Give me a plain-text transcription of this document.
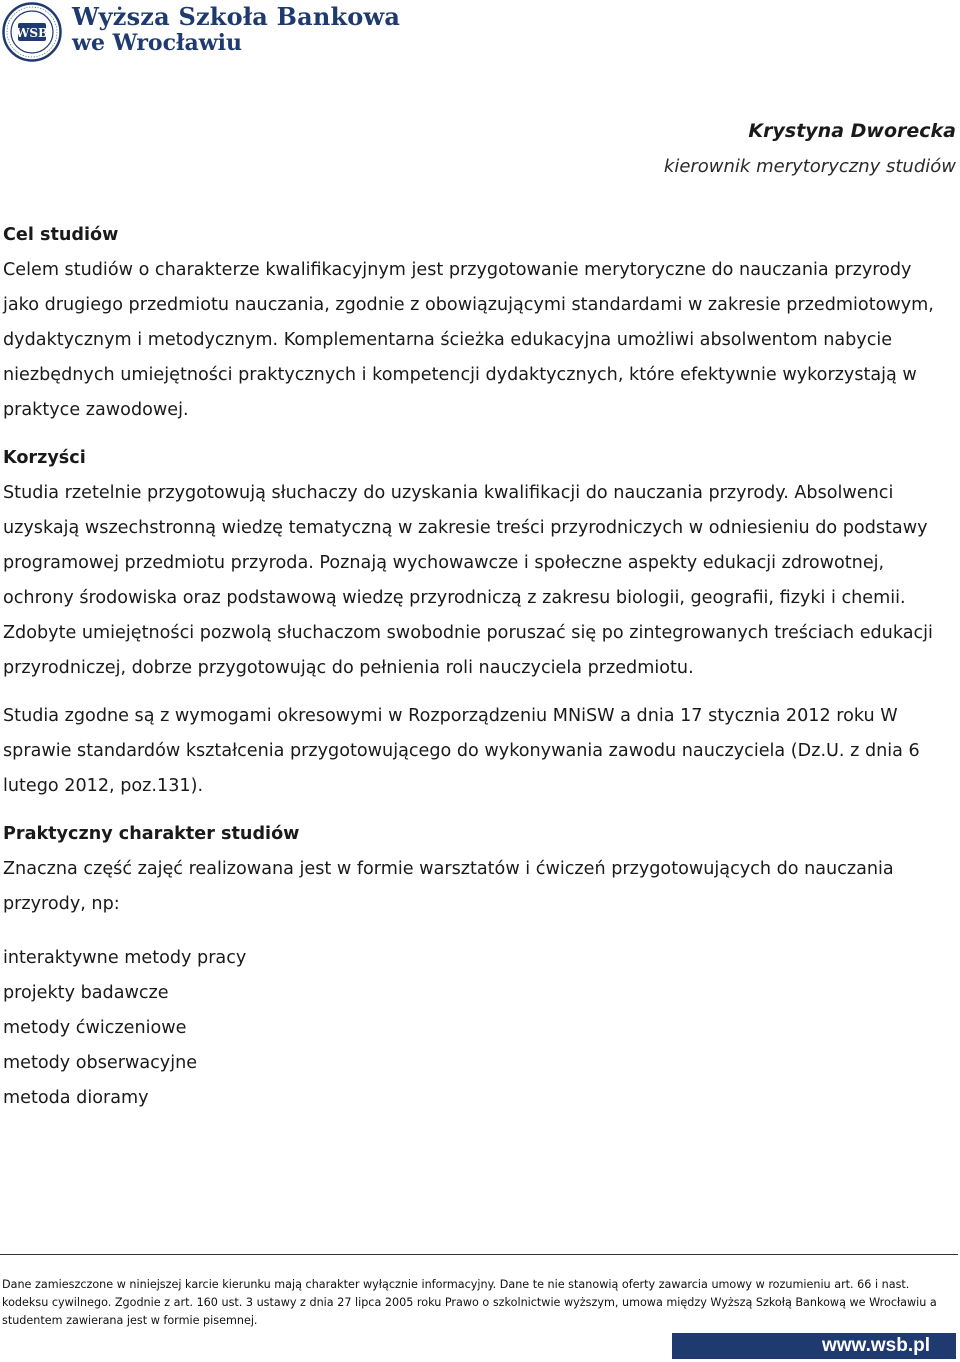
WSB
Wyższa Szkoła Bankowa
we Wrocławiu
Krystyna Dworecka
kierownik merytoryczny studiów

Cel studiów

Celem studiów o charakterze kwalifikacyjnym jest przygotowanie merytoryczne do nauczania przyrody jako drugiego przedmiotu nauczania, zgodnie z obowiązującymi standardami w zakresie przedmiotowym, dydaktycznym i metodycznym. Komplementarna ścieżka edukacyjna umożliwi absolwentom nabycie niezbędnych umiejętności praktycznych i kompetencji dydaktycznych, które efektywnie wykorzystają w praktyce zawodowej.

Korzyści

Studia rzetelnie przygotowują słuchaczy do uzyskania kwalifikacji do nauczania przyrody. Absolwenci uzyskają wszechstronną wiedzę tematyczną w zakresie treści przyrodniczych w odniesieniu do podstawy programowej przedmiotu przyroda. Poznają wychowawcze i społeczne aspekty edukacji zdrowotnej, ochrony środowiska oraz podstawową wiedzę przyrodniczą z zakresu biologii, geografii, fizyki i chemii. Zdobyte umiejętności pozwolą słuchaczom swobodnie poruszać się po zintegrowanych treściach edukacji przyrodniczej, dobrze przygotowując do pełnienia roli nauczyciela przedmiotu.

Studia zgodne są z wymogami okresowymi w Rozporządzeniu MNiSW a dnia 17 stycznia 2012 roku W sprawie standardów kształcenia przygotowującego do wykonywania zawodu nauczyciela (Dz.U. z dnia 6 lutego 2012, poz.131).

Praktyczny charakter studiów

Znaczna część zajęć realizowana jest w formie warsztatów i ćwiczeń przygotowujących do nauczania przyrody, np:

interaktywne metody pracy
projekty badawcze
metody ćwiczeniowe
metody obserwacyjne
metoda dioramy
Dane zamieszczone w niniejszej karcie kierunku mają charakter wyłącznie informacyjny. Dane te nie stanowią oferty zawarcia umowy w rozumieniu art. 66 i nast. kodeksu cywilnego. Zgodnie z art. 160 ust. 3 ustawy z dnia 27 lipca 2005 roku Prawo o szkolnictwie wyższym, umowa między Wyższą Szkołą Bankową we Wrocławiu a studentem zawierana jest w formie pisemnej.
www.wsb.pl
